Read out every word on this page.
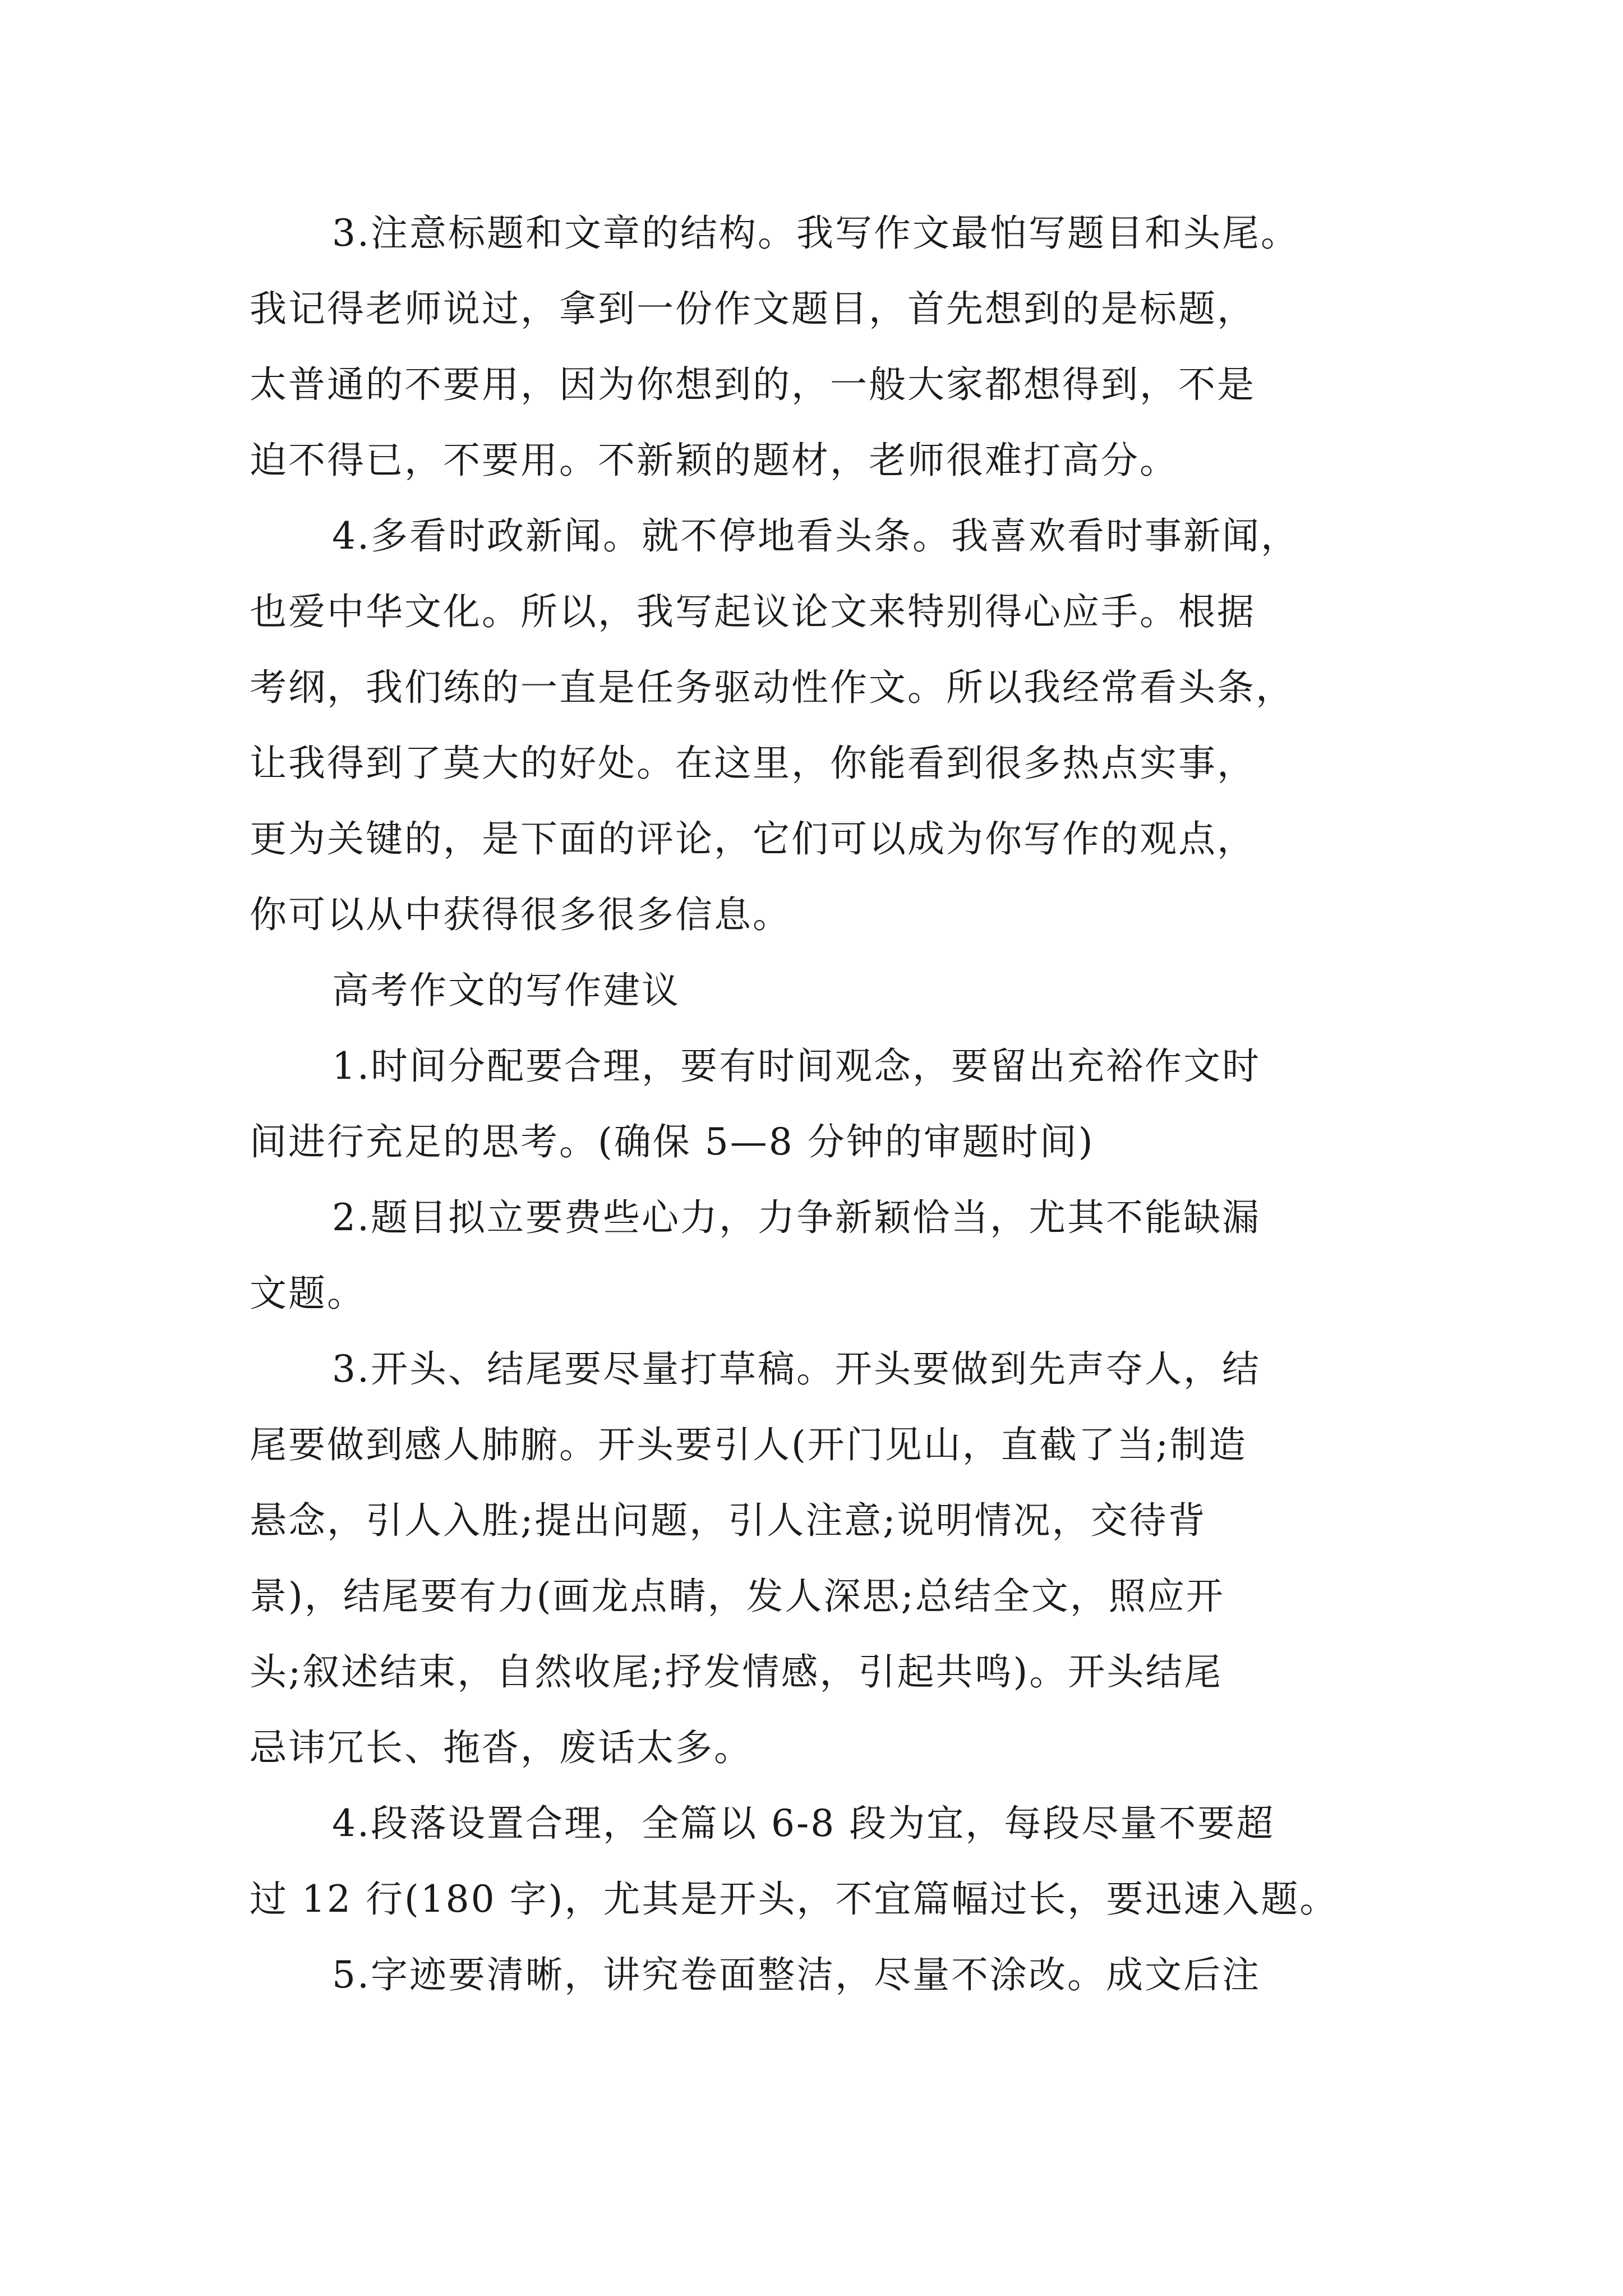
3.注意标题和文章的结构。我写作文最怕写题目和头尾。
我记得老师说过，拿到一份作文题目，首先想到的是标题，
太普通的不要用，因为你想到的，一般大家都想得到，不是
迫不得已，不要用。不新颖的题材，老师很难打高分。
4.多看时政新闻。就不停地看头条。我喜欢看时事新闻，
也爱中华文化。所以，我写起议论文来特别得心应手。根据
考纲，我们练的一直是任务驱动性作文。所以我经常看头条，
让我得到了莫大的好处。在这里，你能看到很多热点实事，
更为关键的，是下面的评论，它们可以成为你写作的观点，
你可以从中获得很多很多信息。
高考作文的写作建议
1.时间分配要合理，要有时间观念，要留出充裕作文时
间进行充足的思考。(确保 5—8 分钟的审题时间)
2.题目拟立要费些心力，力争新颖恰当，尤其不能缺漏
文题。
3.开头、结尾要尽量打草稿。开头要做到先声夺人，结
尾要做到感人肺腑。开头要引人(开门见山，直截了当;制造
悬念，引人入胜;提出问题，引人注意;说明情况，交待背
景)，结尾要有力(画龙点睛，发人深思;总结全文，照应开
头;叙述结束，自然收尾;抒发情感，引起共鸣)。开头结尾
忌讳冗长、拖沓，废话太多。
4.段落设置合理，全篇以 6-8 段为宜，每段尽量不要超
过 12 行(180 字)，尤其是开头，不宜篇幅过长，要迅速入题。
5.字迹要清晰，讲究卷面整洁，尽量不涂改。成文后注
